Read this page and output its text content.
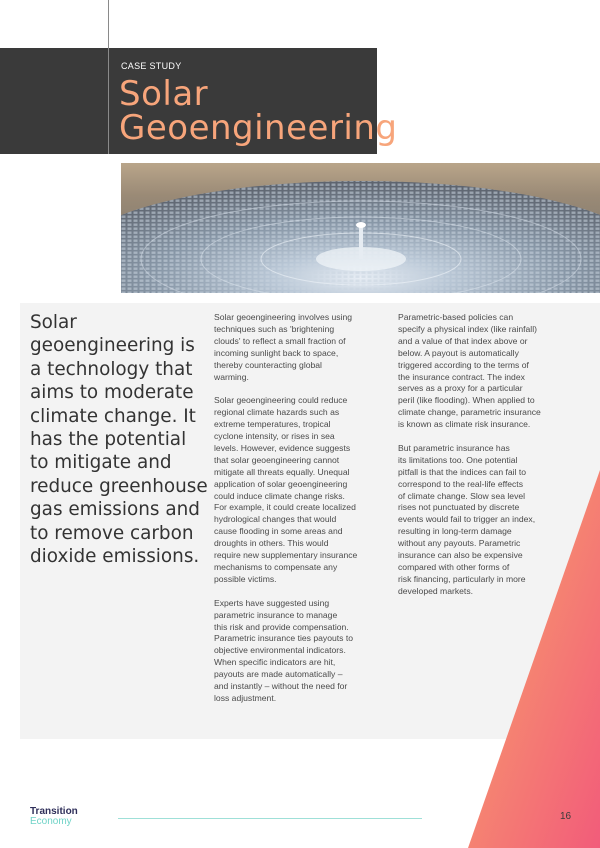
CASE STUDY
Solar
Geoengineering
Solar
geoengineering is
a technology that
aims to moderate
climate change. It
has the potential
to mitigate and
reduce greenhouse
gas emissions and
to remove carbon
dioxide emissions.

Solar geoengineering involves using
techniques such as 'brightening
clouds' to reflect a small fraction of
incoming sunlight back to space,
thereby counteracting global
warming.

Solar geoengineering could reduce
regional climate hazards such as
extreme temperatures, tropical
cyclone intensity, or rises in sea
levels. However, evidence suggests
that solar geoengineering cannot
mitigate all threats equally. Unequal
application of solar geoengineering
could induce climate change risks.
For example, it could create localized
hydrological changes that would
cause flooding in some areas and
droughts in others. This would
require new supplementary insurance
mechanisms to compensate any
possible victims.

Experts have suggested using
parametric insurance to manage
this risk and provide compensation.
Parametric insurance ties payouts to
objective environmental indicators.
When specific indicators are hit,
payouts are made automatically –
and instantly – without the need for
loss adjustment.

Parametric-based policies can
specify a physical index (like rainfall)
and a value of that index above or
below. A payout is automatically
triggered according to the terms of
the insurance contract. The index
serves as a proxy for a particular
peril (like flooding). When applied to
climate change, parametric insurance
is known as climate risk insurance.

But parametric insurance has
its limitations too. One potential
pitfall is that the indices can fail to
correspond to the real-life effects
of climate change. Slow sea level
rises not punctuated by discrete
events would fail to trigger an index,
resulting in long-term damage
without any payouts. Parametric
insurance can also be expensive
compared with other forms of
risk financing, particularly in more
developed markets.

Transition
Economy	16
